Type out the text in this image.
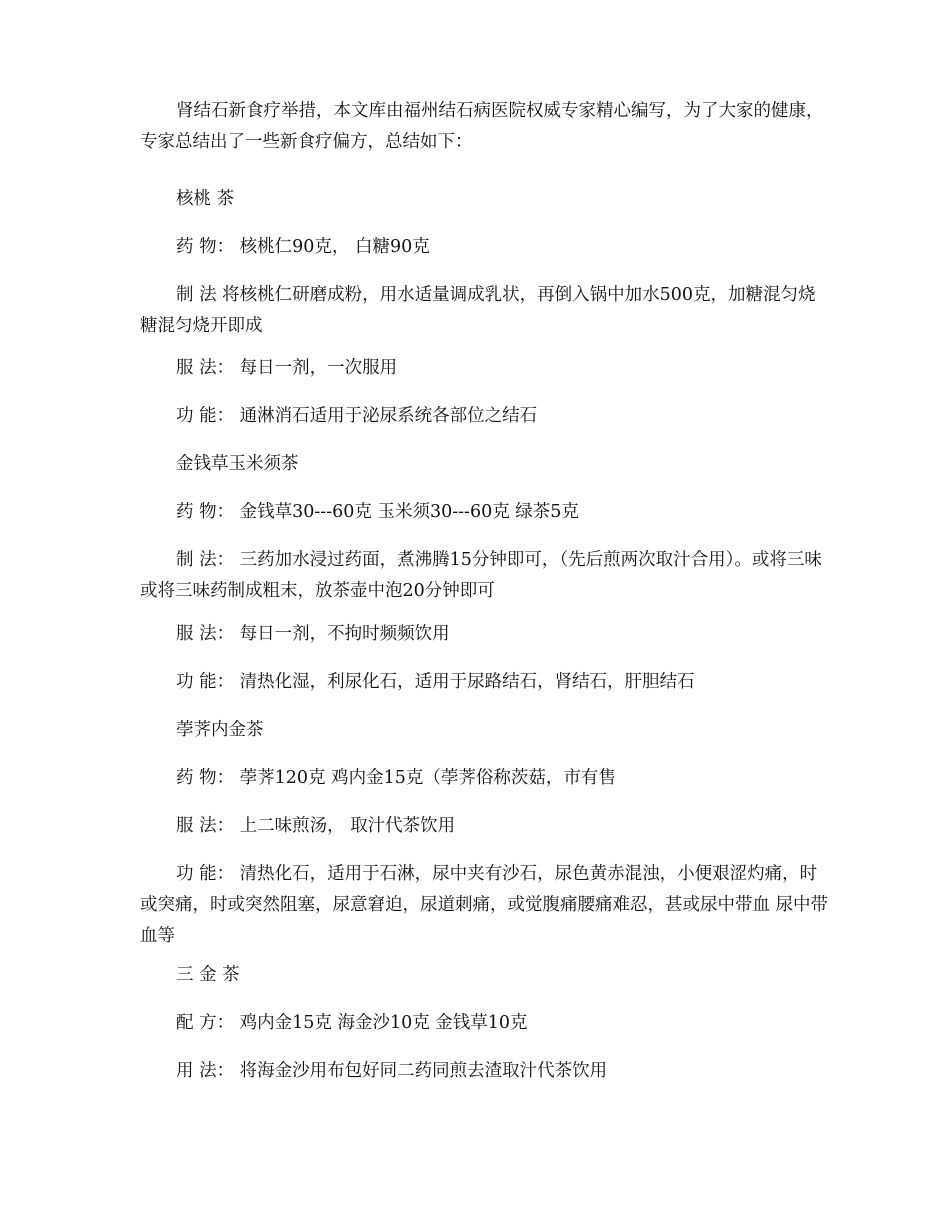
肾结石新食疗举措，本文库由福州结石病医院权威专家精心编写，为了大家的健康，专家总结出了一些新食疗偏方，总结如下：

核桃 茶

药 物： 核桃仁90克， 白糖90克

制 法 将核桃仁研磨成粉，用水适量调成乳状，再倒入锅中加水500克，加糖混匀烧糖混匀烧开即成

服 法： 每日一剂，一次服用

功 能： 通淋消石适用于泌尿系统各部位之结石

金钱草玉米须茶

药 物： 金钱草30---60克 玉米须30---60克 绿茶5克

制 法： 三药加水浸过药面，煮沸腾15分钟即可，（先后煎两次取汁合用）。或将三味 或将三味药制成粗末，放茶壶中泡20分钟即可

服 法： 每日一剂，不拘时频频饮用

功 能： 清热化湿，利尿化石，适用于尿路结石，肾结石，肝胆结石

荸荠内金茶

药 物： 荸荠120克 鸡内金15克（荸荠俗称茨菇，市有售

服 法： 上二味煎汤， 取汁代茶饮用

功 能： 清热化石，适用于石淋，尿中夹有沙石，尿色黄赤混浊，小便艰涩灼痛，时或突痛，时或突然阻塞，尿意窘迫，尿道刺痛，或觉腹痛腰痛难忍，甚或尿中带血 尿中带血等

三 金 茶

配 方： 鸡内金15克 海金沙10克 金钱草10克

用 法： 将海金沙用布包好同二药同煎去渣取汁代茶饮用
